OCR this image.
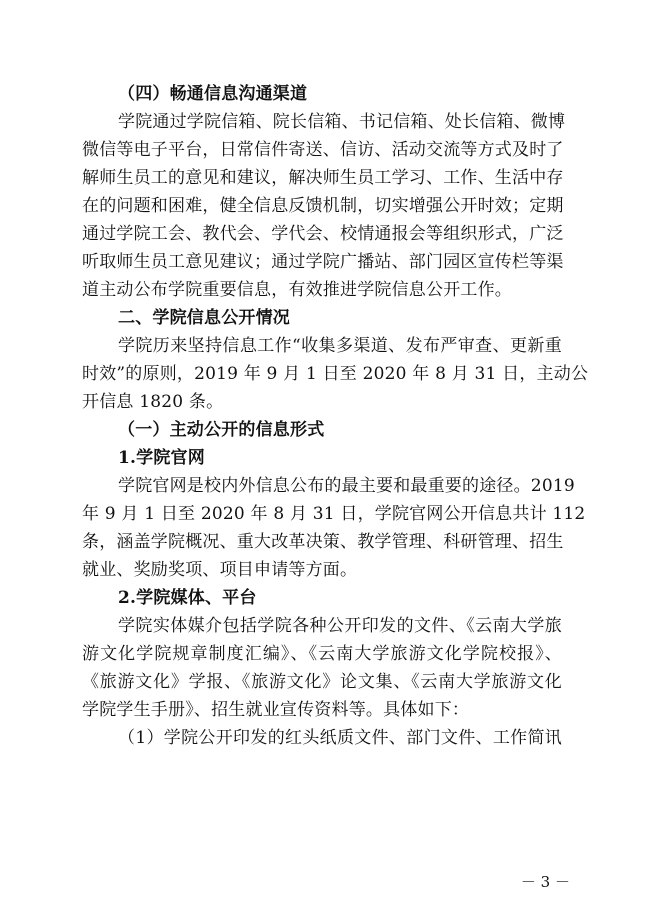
（四）畅通信息沟通渠道
学院通过学院信箱、院长信箱、书记信箱、处长信箱、微博
微信等电子平台，日常信件寄送、信访、活动交流等方式及时了
解师生员工的意见和建议，解决师生员工学习、工作、生活中存
在的问题和困难，健全信息反馈机制，切实增强公开时效；定期
通过学院工会、教代会、学代会、校情通报会等组织形式，广泛
听取师生员工意见建议；通过学院广播站、部门园区宣传栏等渠
道主动公布学院重要信息，有效推进学院信息公开工作。
二、学院信息公开情况
学院历来坚持信息工作“收集多渠道、发布严审查、更新重
时效”的原则，2019 年 9 月 1 日至 2020 年 8 月 31 日，主动公
开信息 1820 条。
（一）主动公开的信息形式
1.学院官网
学院官网是校内外信息公布的最主要和最重要的途径。2019
年 9 月 1 日至 2020 年 8 月 31 日，学院官网公开信息共计 112
条，涵盖学院概况、重大改革决策、教学管理、科研管理、招生
就业、奖励奖项、项目申请等方面。
2.学院媒体、平台
学院实体媒介包括学院各种公开印发的文件、《云南大学旅
游文化学院规章制度汇编》、《云南大学旅游文化学院校报》、
《旅游文化》学报、《旅游文化》论文集、《云南大学旅游文化
学院学生手册》、招生就业宣传资料等。具体如下：
（1）学院公开印发的红头纸质文件、部门文件、工作简讯
－ 3 －
